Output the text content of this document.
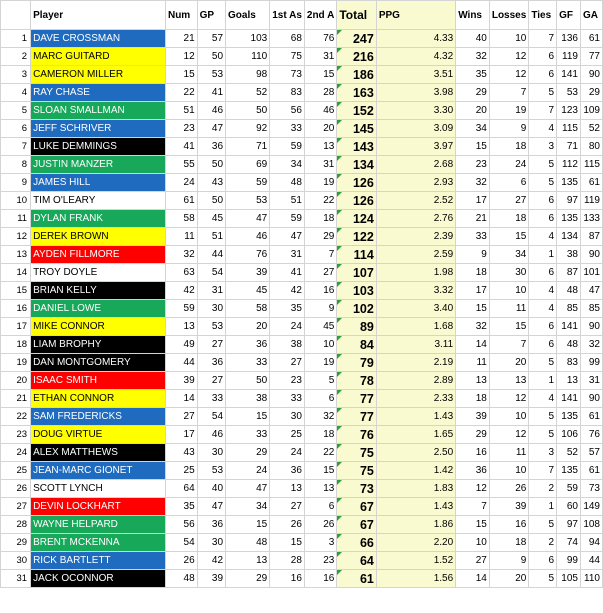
	Player	Num	GP	Goals	1st As	2nd A	Total	PPG	Wins	Losses	Ties	GF	GA
1	DAVE CROSSMAN	21	57	103	68	76	247	4.33	40	10	7	136	61
2	MARC GUITARD	12	50	110	75	31	216	4.32	32	12	6	119	77
3	CAMERON MILLER	15	53	98	73	15	186	3.51	35	12	6	141	90
4	RAY CHASE	22	41	52	83	28	163	3.98	29	7	5	53	29
5	SLOAN SMALLMAN	51	46	50	56	46	152	3.30	20	19	7	123	109
6	JEFF SCHRIVER	23	47	92	33	20	145	3.09	34	9	4	115	52
7	LUKE DEMMINGS	41	36	71	59	13	143	3.97	15	18	3	71	80
8	JUSTIN MANZER	55	50	69	34	31	134	2.68	23	24	5	112	115
9	JAMES HILL	24	43	59	48	19	126	2.93	32	6	5	135	61
10	TIM O'LEARY	61	50	53	51	22	126	2.52	17	27	6	97	119
11	DYLAN FRANK	58	45	47	59	18	124	2.76	21	18	6	135	133
12	DEREK BROWN	11	51	46	47	29	122	2.39	33	15	4	134	87
13	AYDEN FILLMORE	32	44	76	31	7	114	2.59	9	34	1	38	90
14	TROY DOYLE	63	54	39	41	27	107	1.98	18	30	6	87	101
15	BRIAN KELLY	42	31	45	42	16	103	3.32	17	10	4	48	47
16	DANIEL LOWE	59	30	58	35	9	102	3.40	15	11	4	85	85
17	MIKE CONNOR	13	53	20	24	45	89	1.68	32	15	6	141	90
18	LIAM BROPHY	49	27	36	38	10	84	3.11	14	7	6	48	32
19	DAN MONTGOMERY	44	36	33	27	19	79	2.19	11	20	5	83	99
20	ISAAC SMITH	39	27	50	23	5	78	2.89	13	13	1	13	31
21	ETHAN CONNOR	14	33	38	33	6	77	2.33	18	12	4	141	90
22	SAM FREDERICKS	27	54	15	30	32	77	1.43	39	10	5	135	61
23	DOUG VIRTUE	17	46	33	25	18	76	1.65	29	12	5	106	76
24	ALEX MATTHEWS	43	30	29	24	22	75	2.50	16	11	3	52	57
25	JEAN-MARC GIONET	25	53	24	36	15	75	1.42	36	10	7	135	61
26	SCOTT LYNCH	64	40	47	13	13	73	1.83	12	26	2	59	73
27	DEVIN LOCKHART	35	47	34	27	6	67	1.43	7	39	1	60	149
28	WAYNE HELPARD	56	36	15	26	26	67	1.86	15	16	5	97	108
29	BRENT MCKENNA	54	30	48	15	3	66	2.20	10	18	2	74	94
30	RICK BARTLETT	26	42	13	28	23	64	1.52	27	9	6	99	44
31	JACK OCONNOR	48	39	29	16	16	61	1.56	14	20	5	105	110
